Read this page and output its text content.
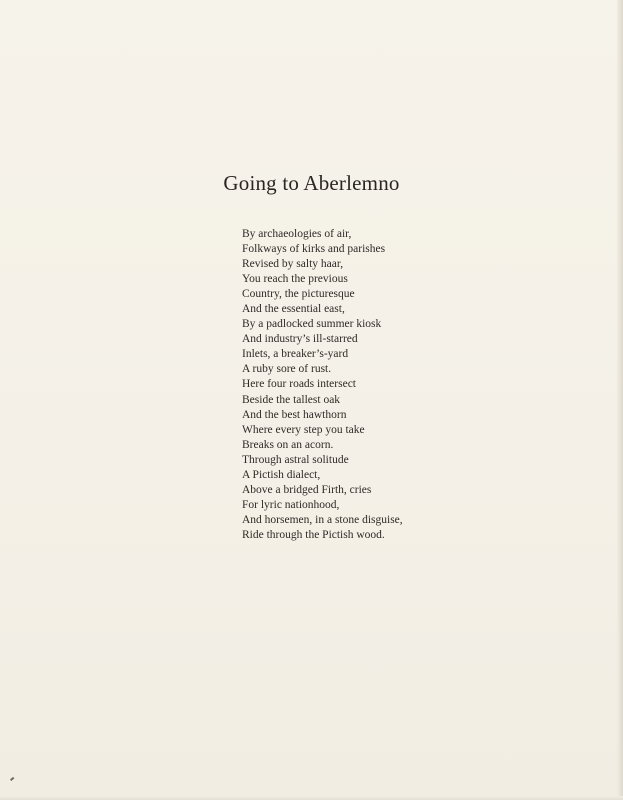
Going to Aberlemno
By archaeologies of air,
Folkways of kirks and parishes
Revised by salty haar,
You reach the previous
Country, the picturesque
And the essential east,
By a padlocked summer kiosk
And industry’s ill-starred
Inlets, a breaker’s-yard
A ruby sore of rust.
Here four roads intersect
Beside the tallest oak
And the best hawthorn
Where every step you take
Breaks on an acorn.
Through astral solitude
A Pictish dialect,
Above a bridged Firth, cries
For lyric nationhood,
And horsemen, in a stone disguise,
Ride through the Pictish wood.
